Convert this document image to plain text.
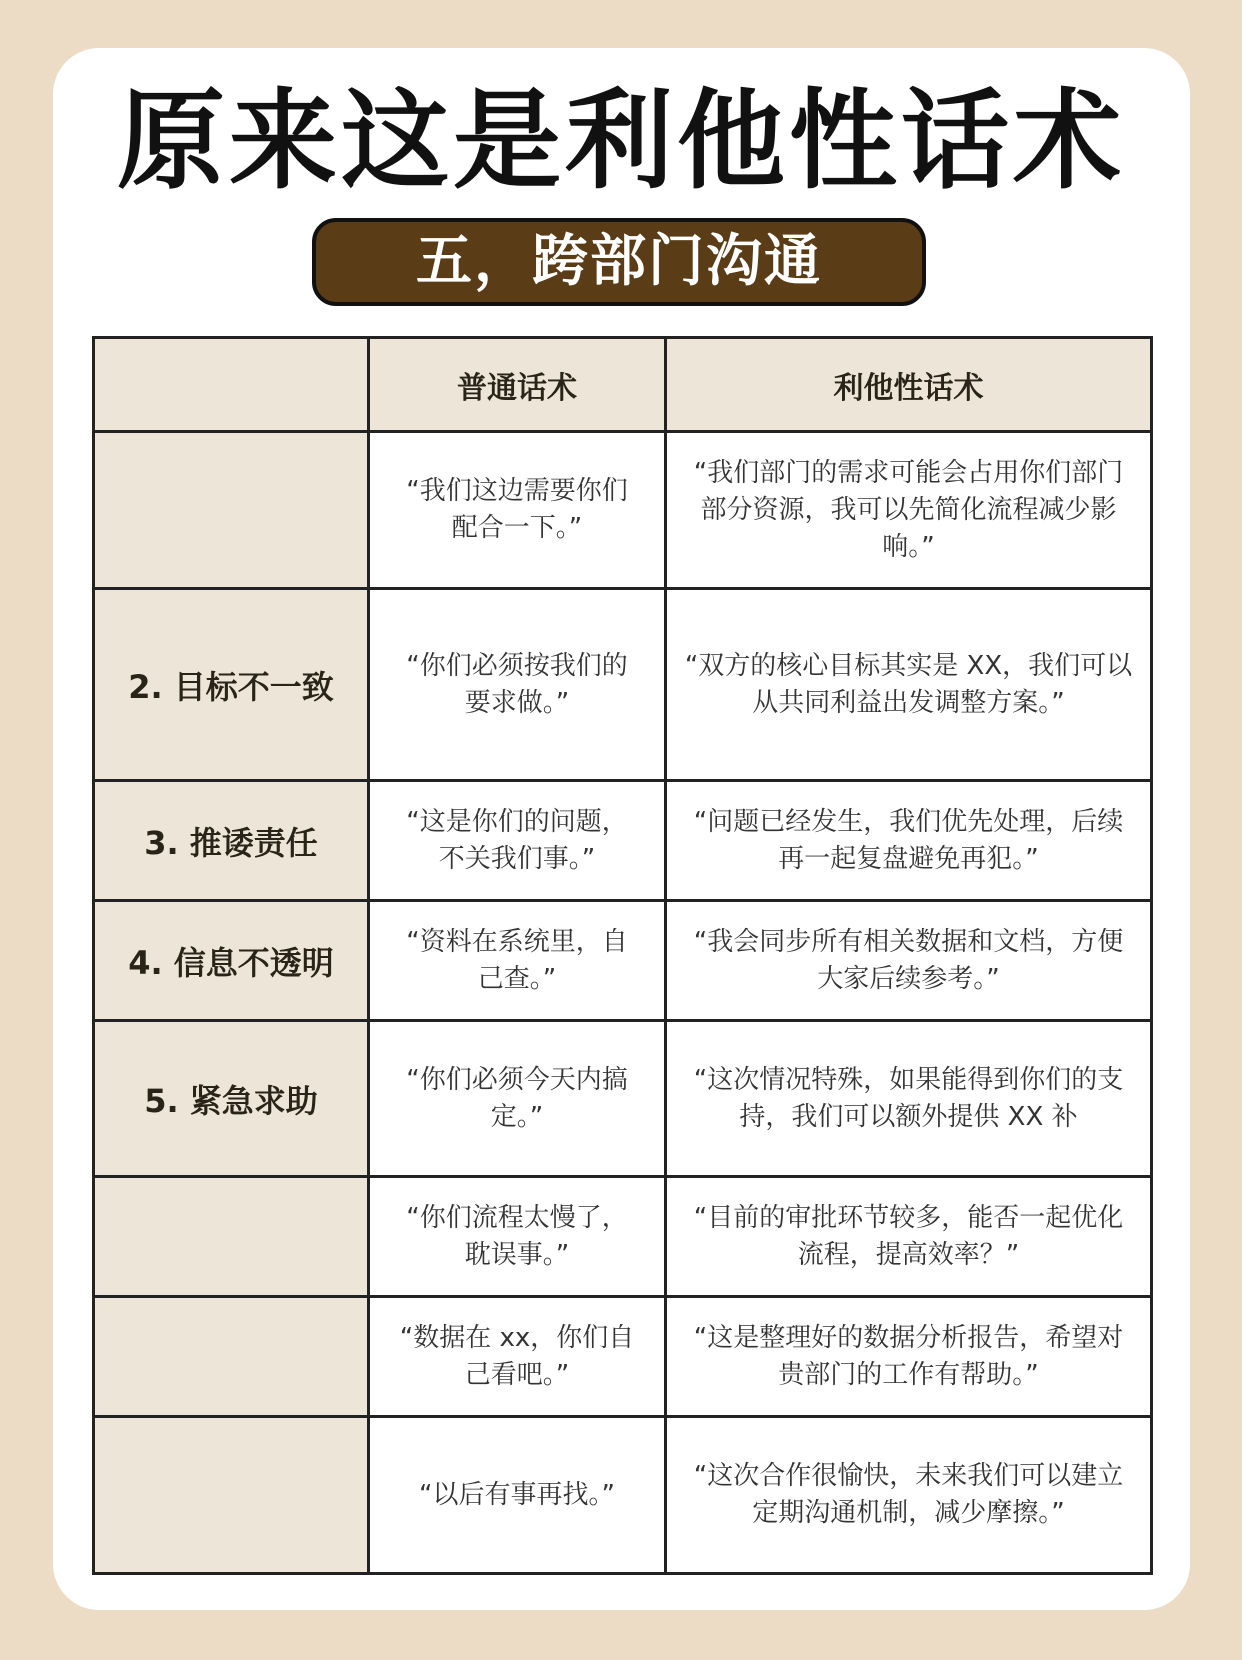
原来这是利他性话术
五，跨部门沟通
	普通话术	利他性话术
	“我们这边需要你们配合一下。”	“我们部门的需求可能会占用你们部门部分资源，我可以先简化流程减少影响。”
2. 目标不一致	“你们必须按我们的要求做。”	“双方的核心目标其实是 XX，我们可以从共同利益出发调整方案。”
3. 推诿责任	“这是你们的问题，不关我们事。”	“问题已经发生，我们优先处理，后续再一起复盘避免再犯。”
4. 信息不透明	“资料在系统里，自己查。”	“我会同步所有相关数据和文档，方便大家后续参考。”
5. 紧急求助	“你们必须今天内搞定。”	“这次情况特殊，如果能得到你们的支持，我们可以额外提供 XX 补
	“你们流程太慢了，耽误事。”	“目前的审批环节较多，能否一起优化流程，提高效率？”
	“数据在 xx，你们自己看吧。”	“这是整理好的数据分析报告，希望对贵部门的工作有帮助。”
	“以后有事再找。”	“这次合作很愉快，未来我们可以建立定期沟通机制，减少摩擦。”
